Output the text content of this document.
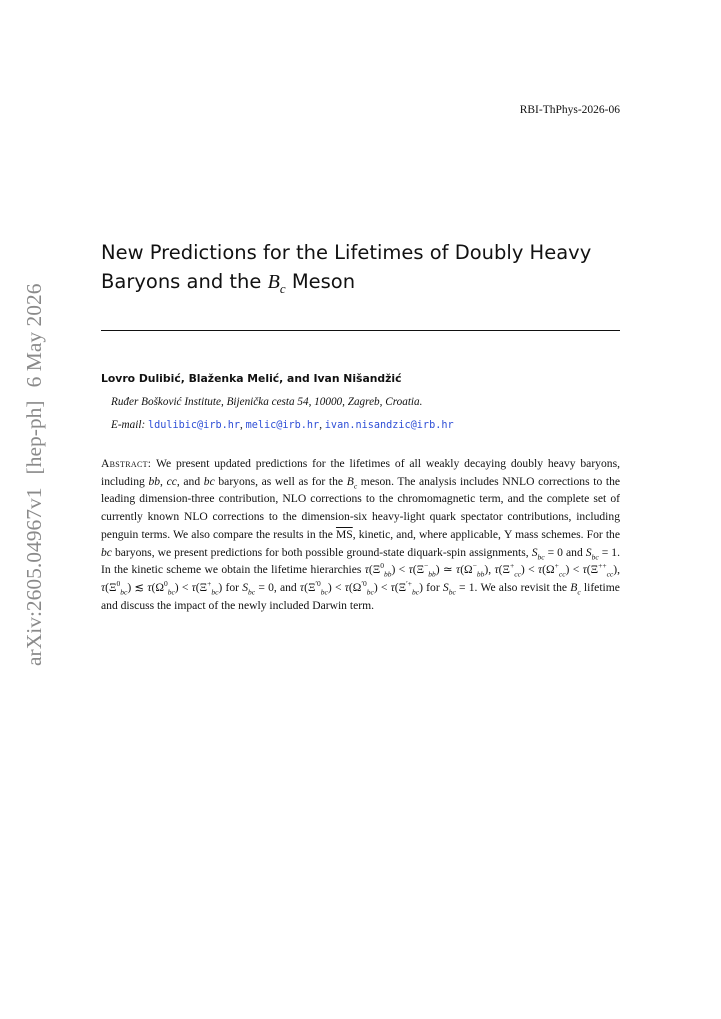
RBI-ThPhys-2026-06
arXiv:2605.04967v1[hep-ph]6 May 2026
New Predictions for the Lifetimes of Doubly Heavy Baryons and the $B_c$ Meson
Lovro Dulibić, Blaženka Melić, and Ivan Nišandžić
Ruđer Bošković Institute, Bijenička cesta 54, 10000, Zagreb, Croatia.
E-mail: ldulibic@irb.hr, melic@irb.hr, ivan.nisandzic@irb.hr

Abstract: We present updated predictions for the lifetimes of all weakly decaying doubly heavy baryons, including bb, cc, and bc baryons, as well as for the $B_c$ meson. The analysis includes NNLO corrections to the leading dimension-three contribution, NLO corrections to the chromomagnetic term, and the complete set of currently known NLO corrections to the dimension-six heavy-light quark spectator contributions, including penguin terms. We also compare the results in the $\overline{MS}$, kinetic, and, where applicable, Υ mass schemes. For the bc baryons, we present predictions for both possible ground-state diquark-spin assignments, $S_{bc} = 0$ and $S_{bc} = 1$. In the kinetic scheme we obtain the lifetime hierarchies $\tau(\Xi^0_{bb}) < \tau(\Xi^-_{bb})$ ≃ $\tau(\Omega^-_{bb})$, $\tau(\Xi^+_{cc}) < \tau(\Omega^+_{cc}) < \tau(\Xi^{++}_{cc})$, $\tau(\Xi^0_{bc})$ ≲ $\tau(\Omega^0_{bc}) < \tau(\Xi^+_{bc})$ for $S_{bc} = 0$, and $\tau(\Xi^{'0}_{bc}) < \tau(\Omega^{'0}_{bc}) < \tau(\Xi^{'+}_{bc})$ for $S_{bc} = 1$. We also revisit the $B_c$ lifetime and discuss the impact of the newly included Darwin term.
